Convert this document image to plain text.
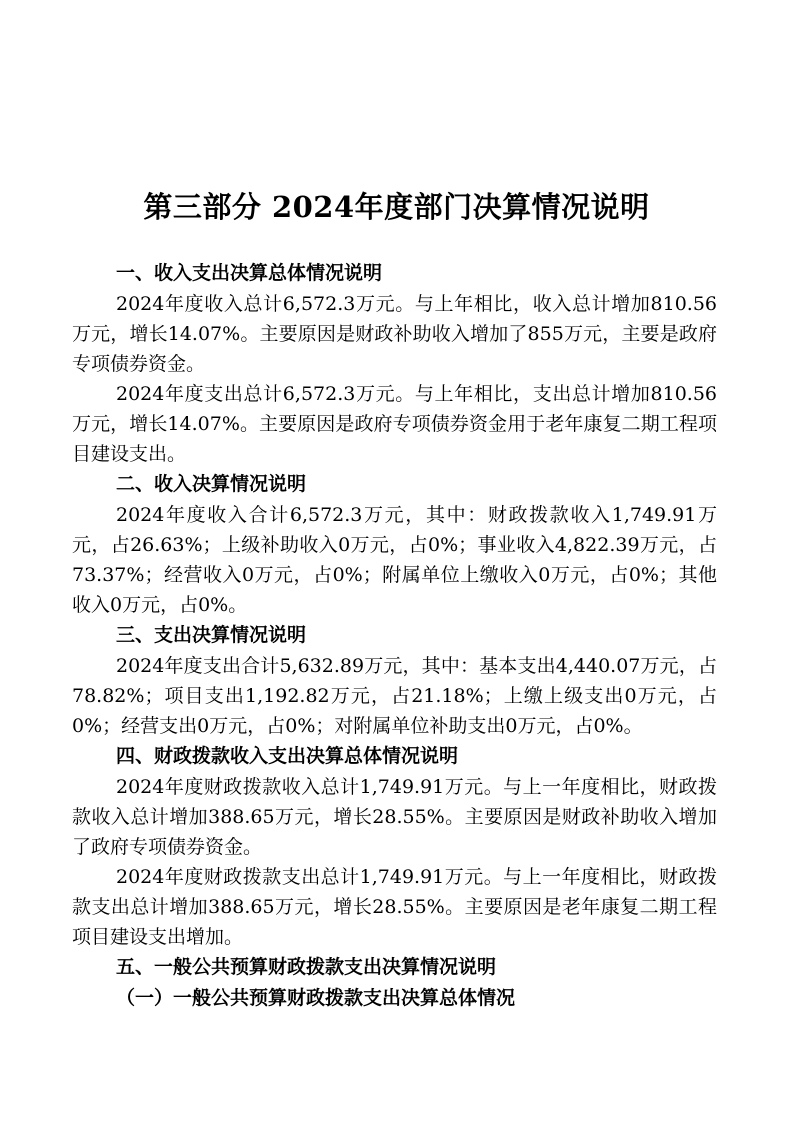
第三部分 2024年度部门决算情况说明

一、收入支出决算总体情况说明

2024年度收入总计6,572.3万元。与上年相比，收入总计增加810.56万元，增长14.07%。主要原因是财政补助收入增加了855万元，主要是政府专项债券资金。

2024年度支出总计6,572.3万元。与上年相比，支出总计增加810.56万元，增长14.07%。主要原因是政府专项债券资金用于老年康复二期工程项目建设支出。

二、收入决算情况说明

2024年度收入合计6,572.3万元，其中：财政拨款收入1,749.91万元，占26.63%；上级补助收入0万元，占0%；事业收入4,822.39万元，占73.37%；经营收入0万元，占0%；附属单位上缴收入0万元，占0%；其他收入0万元，占0%。

三、支出决算情况说明

2024年度支出合计5,632.89万元，其中：基本支出4,440.07万元，占78.82%；项目支出1,192.82万元，占21.18%；上缴上级支出0万元，占0%；经营支出0万元，占0%；对附属单位补助支出0万元，占0%。

四、财政拨款收入支出决算总体情况说明

2024年度财政拨款收入总计1,749.91万元。与上一年度相比，财政拨款收入总计增加388.65万元，增长28.55%。主要原因是财政补助收入增加了政府专项债券资金。

2024年度财政拨款支出总计1,749.91万元。与上一年度相比，财政拨款支出总计增加388.65万元，增长28.55%。主要原因是老年康复二期工程项目建设支出增加。

五、一般公共预算财政拨款支出决算情况说明

（一）一般公共预算财政拨款支出决算总体情况
